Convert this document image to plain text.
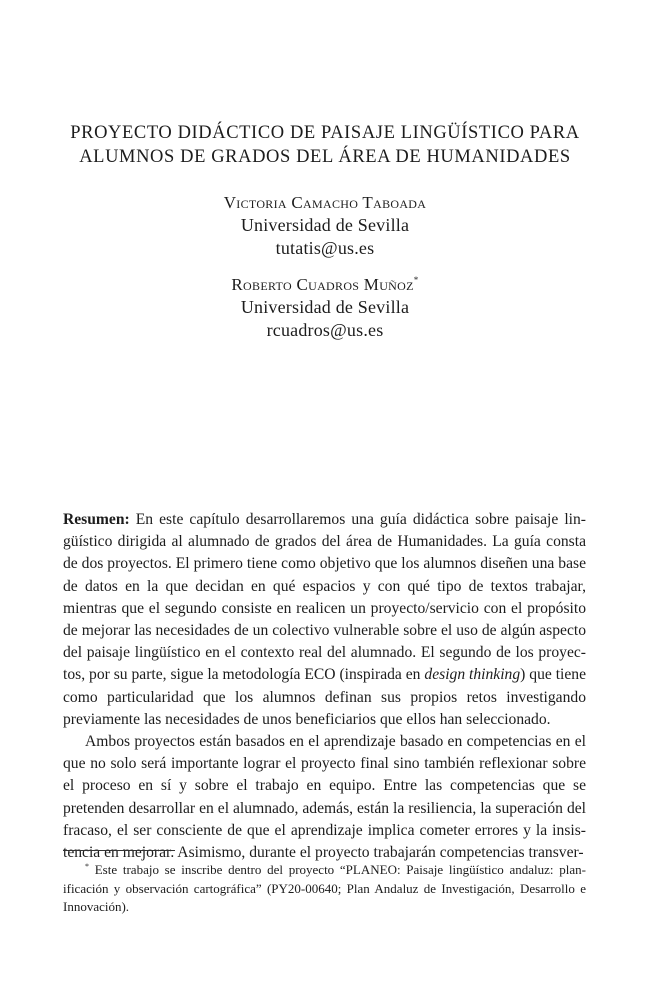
PROYECTO DIDÁCTICO DE PAISAJE LINGÜÍSTICO PARA
ALUMNOS DE GRADOS DEL ÁREA DE HUMANIDADES
Victoria Camacho Taboada
Universidad de Sevilla
tutatis@us.es
Roberto Cuadros Muñoz*
Universidad de Sevilla
rcuadros@us.es

Resumen: En este capítulo desarrollaremos una guía didáctica sobre paisaje lingüístico dirigida al alumnado de grados del área de Humanidades. La guía consta de dos proyectos. El primero tiene como objetivo que los alumnos diseñen una base de datos en la que decidan en qué espacios y con qué tipo de textos trabajar, mientras que el segundo consiste en realicen un proyecto/servicio con el propósito de mejorar las necesidades de un colectivo vulnerable sobre el uso de algún aspecto del paisaje lingüístico en el contexto real del alumnado. El segundo de los proyectos, por su parte, sigue la metodología ECO (inspirada en design thinking) que tiene como particularidad que los alumnos definan sus propios retos investigando previamente las necesidades de unos beneficiarios que ellos han seleccionado.

Ambos proyectos están basados en el aprendizaje basado en competencias en el que no solo será importante lograr el proyecto final sino también reflexionar sobre el proceso en sí y sobre el trabajo en equipo. Entre las competencias que se pretenden desarrollar en el alumnado, además, están la resiliencia, la superación del fracaso, el ser consciente de que el aprendizaje implica cometer errores y la insistencia en mejorar. Asimismo, durante el proyecto trabajarán competencias transver-

* Este trabajo se inscribe dentro del proyecto “PLANEO: Paisaje lingüístico andaluz: planificación y observación cartográfica” (PY20-00640; Plan Andaluz de Investigación, Desarrollo e Innovación).
